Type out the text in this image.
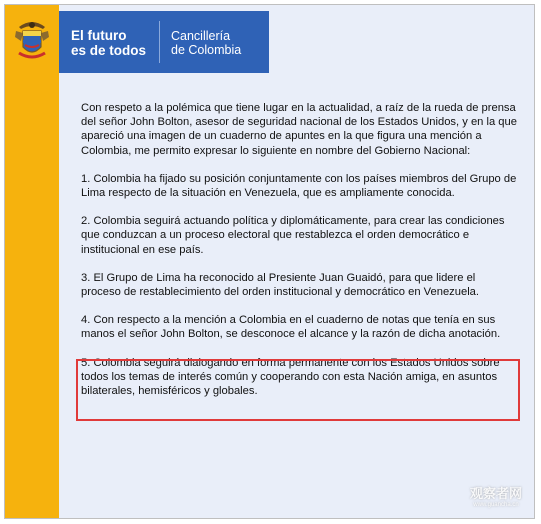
El futuro
es de todos
Cancillería
de Colombia

Con respeto a la polémica que tiene lugar en la actualidad, a raíz de la rueda de prensa del señor John Bolton, asesor de seguridad nacional de los Estados Unidos, y en la que apareció una imagen de un cuaderno de apuntes en la que figura una mención a Colombia, me permito expresar lo siguiente en nombre del Gobierno Nacional:

1. Colombia ha fijado su posición conjuntamente con los países miembros del Grupo de Lima respecto de la situación en Venezuela, que es ampliamente conocida.

2. Colombia seguirá actuando política y diplomáticamente, para crear las condiciones que conduzcan a un proceso electoral que restablezca el orden democrático e institucional en ese país.

3. El Grupo de Lima ha reconocido al Presiente Juan Guaidó, para que lidere el proceso de restablecimiento del orden institucional y democrático en Venezuela.

4. Con respecto a la mención a Colombia en el cuaderno de notas que tenía en sus manos el señor John Bolton, se desconoce el alcance y la razón de dicha anotación.

5. Colombia seguirá dialogando en forma permanente con los Estados Unidos sobre todos los temas de interés común y cooperando con esta Nación amiga, en asuntos bilaterales, hemisféricos y globales.

观察者网
www.guancha.cn
